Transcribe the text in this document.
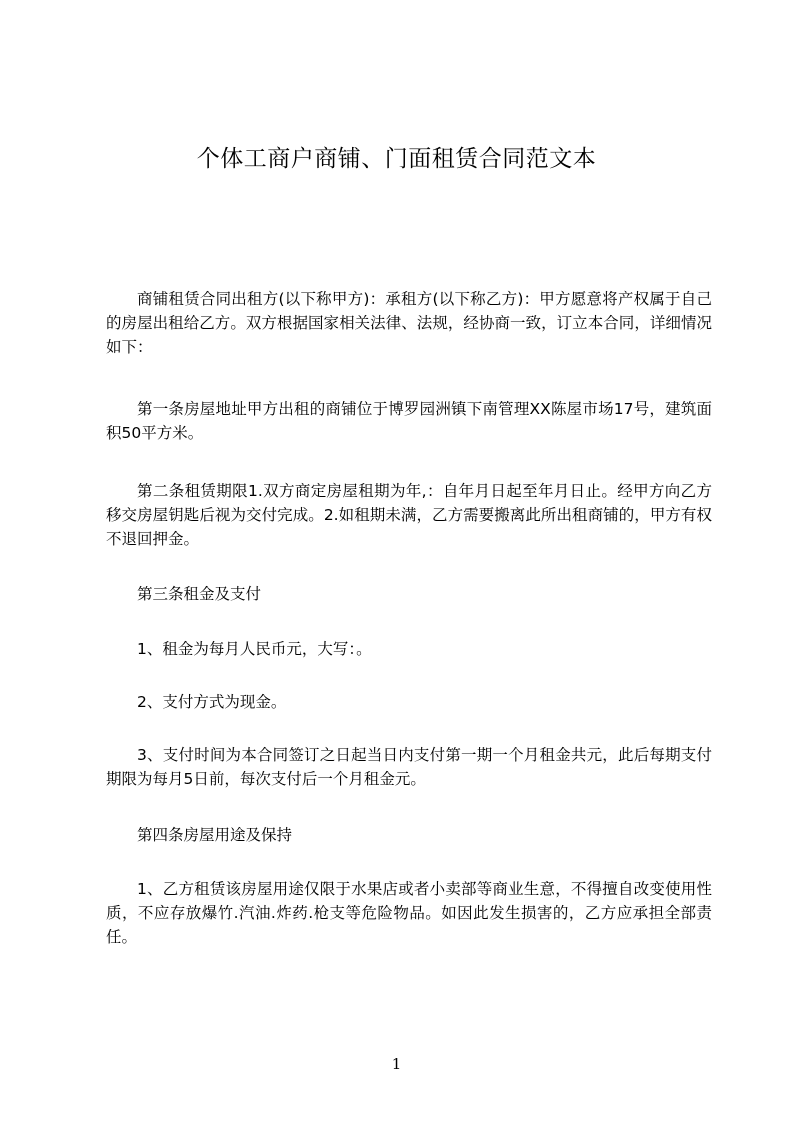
个体工商户商铺、门面租赁合同范文本

商铺租赁合同出租方(以下称甲方)：承租方(以下称乙方)：甲方愿意将产权属于自己的房屋出租给乙方。双方根据国家相关法律、法规，经协商一致，订立本合同，详细情况如下：

第一条房屋地址甲方出租的商铺位于博罗园洲镇下南管理XX陈屋市场17号，建筑面积50平方米。

第二条租赁期限1.双方商定房屋租期为年,：自年月日起至年月日止。经甲方向乙方移交房屋钥匙后视为交付完成。2.如租期未满，乙方需要搬离此所出租商铺的，甲方有权不退回押金。

第三条租金及支付

1、租金为每月人民币元，大写：。

2、支付方式为现金。

3、支付时间为本合同签订之日起当日内支付第一期一个月租金共元，此后每期支付期限为每月5日前，每次支付后一个月租金元。

第四条房屋用途及保持

1、乙方租赁该房屋用途仅限于水果店或者小卖部等商业生意，不得擅自改变使用性质，不应存放爆竹.汽油.炸药.枪支等危险物品。如因此发生损害的，乙方应承担全部责任。

1
